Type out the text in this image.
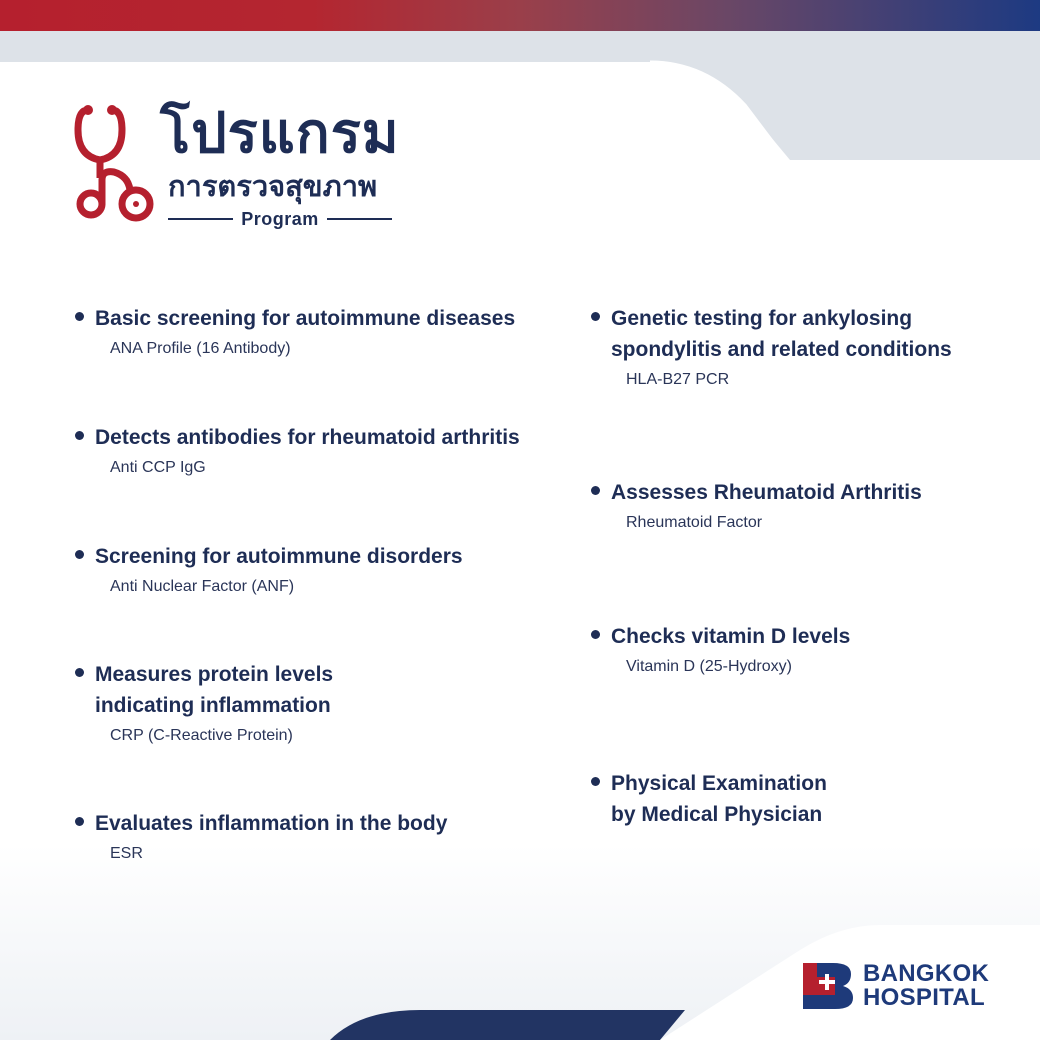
โปรแกรม
การตรวจสุขภาพ
Program
Basic screening for autoimmune diseases
ANA Profile (16 Antibody)
Detects antibodies for rheumatoid arthritis
Anti CCP IgG
Screening for autoimmune disorders
Anti Nuclear Factor (ANF)
Measures protein levels
indicating inflammation
CRP (C-Reactive Protein)
Evaluates inflammation in the body
ESR
Genetic testing for ankylosing
spondylitis and related conditions
HLA-B27 PCR
Assesses Rheumatoid Arthritis
Rheumatoid Factor
Checks vitamin D levels
Vitamin D (25-Hydroxy)
Physical Examination
by Medical Physician
BANGKOK
HOSPITAL
